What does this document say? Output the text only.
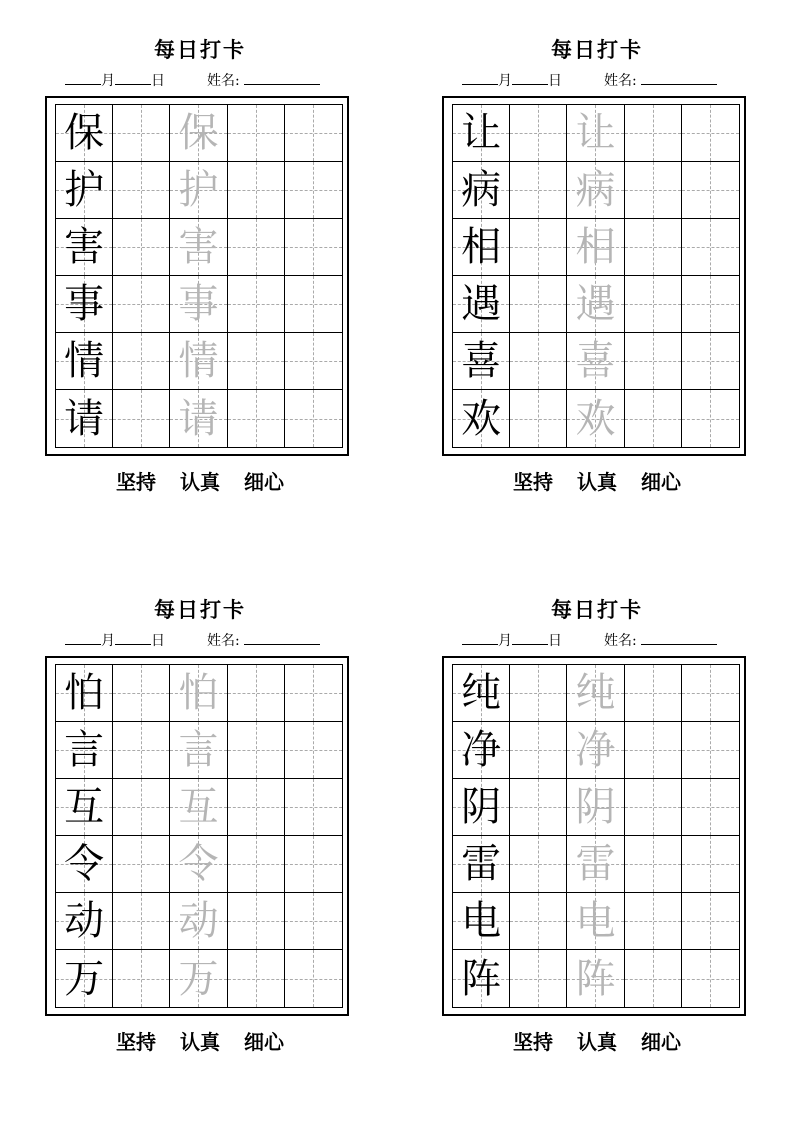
每日打卡
月	日	姓名:
保 保
护 护
害 害
事 事
情 情
请 请
坚持 认真 细心
每日打卡
月	日	姓名:
让 让
病 病
相 相
遇 遇
喜 喜
欢 欢
坚持 认真 细心
每日打卡
月	日	姓名:
怕 怕
言 言
互 互
令 令
动 动
万 万
坚持 认真 细心
每日打卡
月	日	姓名:
纯 纯
净 净
阴 阴
雷 雷
电 电
阵 阵
坚持 认真 细心
